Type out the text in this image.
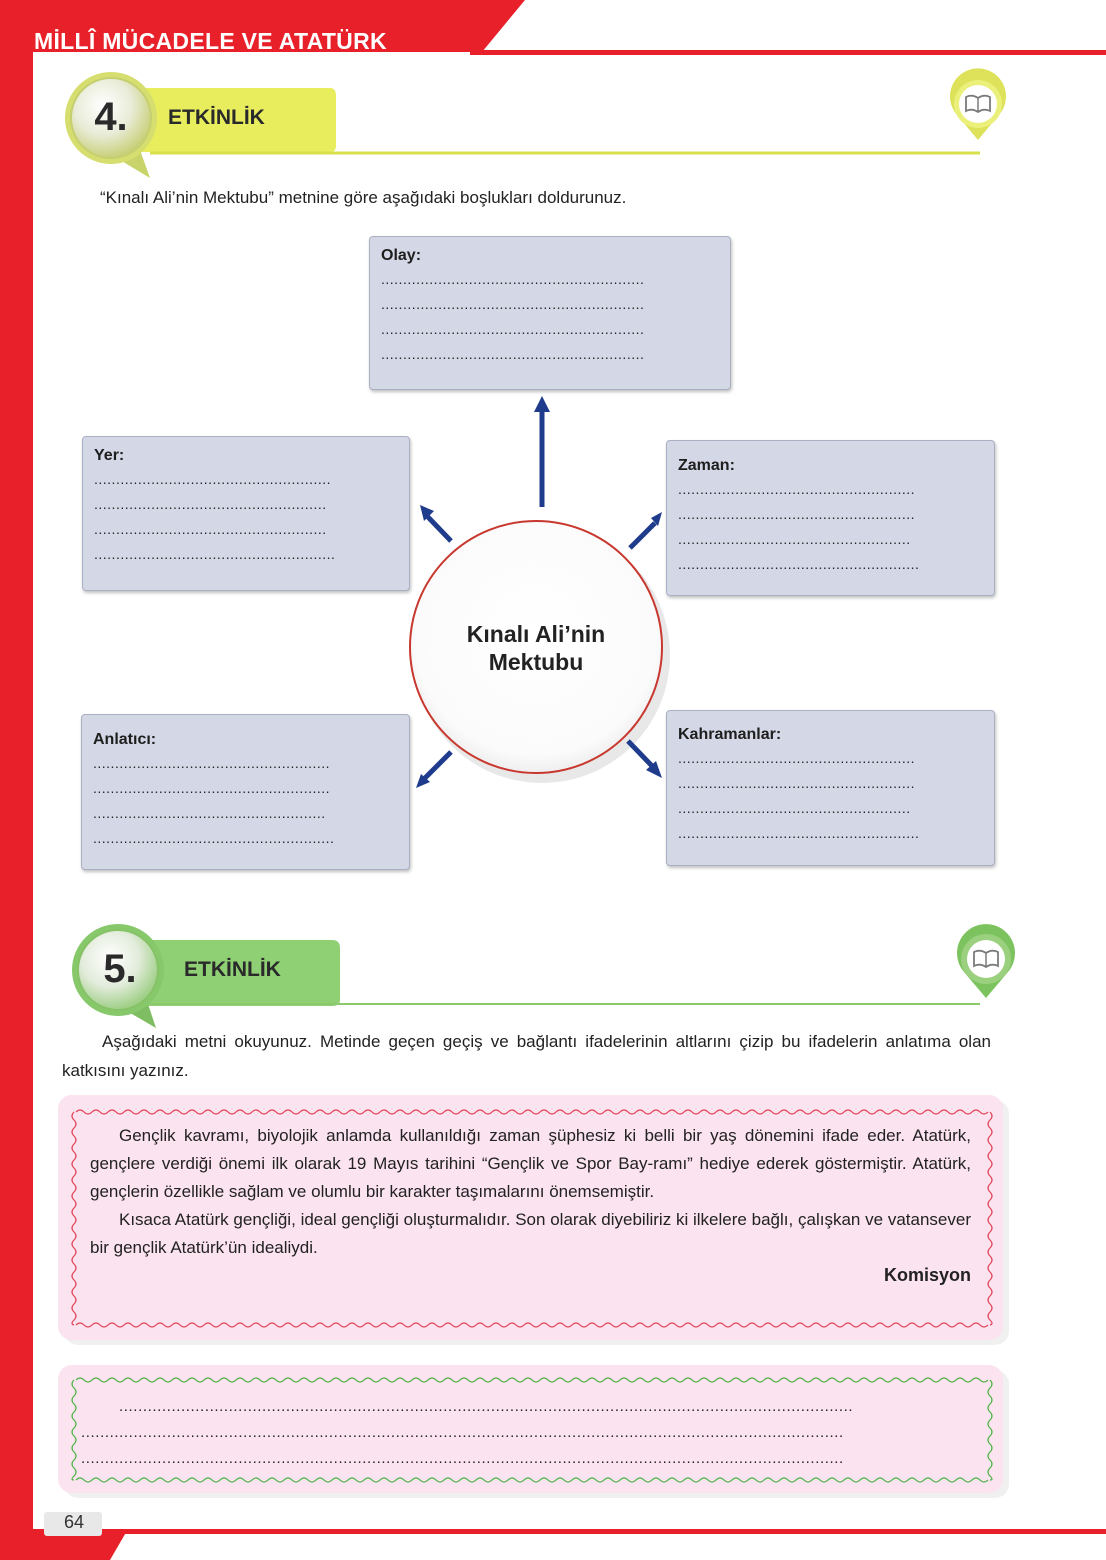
MİLLÎ MÜCADELE VE ATATÜRK
4.	ETKİNLİK
“Kınalı Ali’nin Mektubu” metnine göre aşağıdaki boşlukları doldurunuz.
Olay:
............................................................
............................................................
............................................................
............................................................
Yer:
......................................................
.....................................................
.....................................................
.......................................................
Zaman:
......................................................
......................................................
.....................................................
.......................................................
Anlatıcı:
......................................................
......................................................
.....................................................
.......................................................
Kahramanlar:
......................................................
......................................................
.....................................................
.......................................................
Kınalı Ali’nin
Mektubu
5.	ETKİNLİK
Aşağıdaki metni okuyunuz. Metinde geçen geçiş ve bağlantı ifadelerinin altlarını çizip bu ifadelerin anlatıma olan katkısını yazınız.
Gençlik kavramı, biyolojik anlamda kullanıldığı zaman şüphesiz ki belli bir yaş dönemini ifade eder. Atatürk, gençlere verdiği önemi ilk olarak 19 Mayıs tarihini “Gençlik ve Spor Bay-ramı” hediye ederek göstermiştir. Atatürk, gençlerin özellikle sağlam ve olumlu bir karakter taşımalarını önemsemiştir.
Kısaca Atatürk gençliği, ideal gençliği oluşturmalıdır. Son olarak diyebiliriz ki ilkelere bağlı, çalışkan ve vatansever bir gençlik Atatürk’ün idealiydi.
Komisyon
..........................................................................................................................................................
................................................................................................................................................................
................................................................................................................................................................
64
